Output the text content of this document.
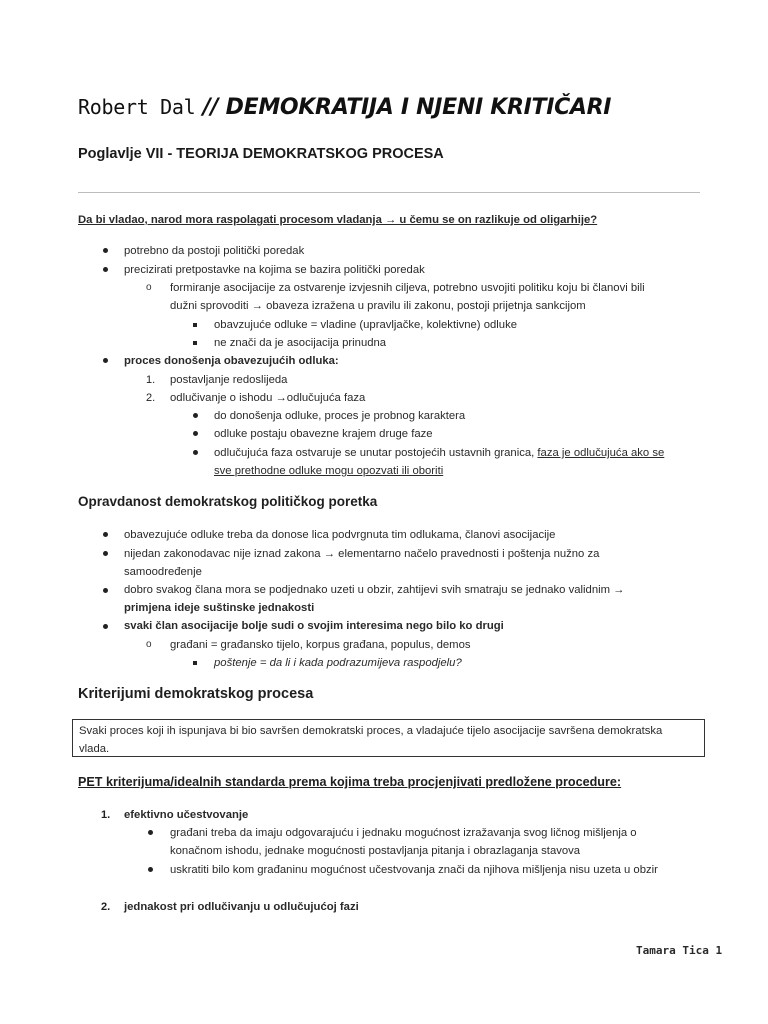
Robert Dal // DEMOKRATIJA I NJENI KRITIČARI
Poglavlje VII - TEORIJA DEMOKRATSKOG PROCESA
Da bi vladao, narod mora raspolagati procesom vladanja → u čemu se on razlikuje od oligarhije?
potrebno da postoji politički poredak
precizirati pretpostavke na kojima se bazira politički poredak
o formiranje asocijacije za ostvarenje izvjesnih ciljeva, potrebno usvojiti politiku koju bi članovi bili
dužni sprovoditi → obaveza izražena u pravilu ili zakonu, postoji prijetnja sankcijom
obavzujuće odluke = vladine (upravljačke, kolektivne) odluke
ne znači da je asocijacija prinudna
proces donošenja obavezujućih odluka:
1. postavljanje redoslijeda
2. odlučivanje o ishodu →odlučujuća faza
do donošenja odluke, proces je probnog karaktera
odluke postaju obavezne krajem druge faze
odlučujuća faza ostvaruje se unutar postojećih ustavnih granica, faza je odlučujuća ako se
sve prethodne odluke mogu opozvati ili oboriti
Opravdanost demokratskog političkog poretka
obavezujuće odluke treba da donose lica podvrgnuta tim odlukama, članovi asocijacije
nijedan zakonodavac nije iznad zakona → elementarno načelo pravednosti i poštenja nužno za
samoodređenje
dobro svakog člana mora se podjednako uzeti u obzir, zahtijevi svih smatraju se jednako validnim →
primjena ideje suštinske jednakosti
svaki član asocijacije bolje sudi o svojim interesima nego bilo ko drugi
o građani = građansko tijelo, korpus građana, populus, demos
poštenje = da li i kada podrazumijeva raspodjelu?
Kriterijumi demokratskog procesa
Svaki proces koji ih ispunjava bi bio savršen demokratski proces, a vladajuće tijelo asocijacije savršena demokratska
vlada.
PET kriterijuma/idealnih standarda prema kojima treba procjenjivati predložene procedure:
1. efektivno učestvovanje
građani treba da imaju odgovarajuću i jednaku mogućnost izražavanja svog ličnog mišljenja o
konačnom ishodu, jednake mogućnosti postavljanja pitanja i obrazlaganja stavova
uskratiti bilo kom građaninu mogućnost učestvovanja znači da njihova mišljenja nisu uzeta u obzir
2. jednakost pri odlučivanju u odlučujućoj fazi
Tamara Tica 1
